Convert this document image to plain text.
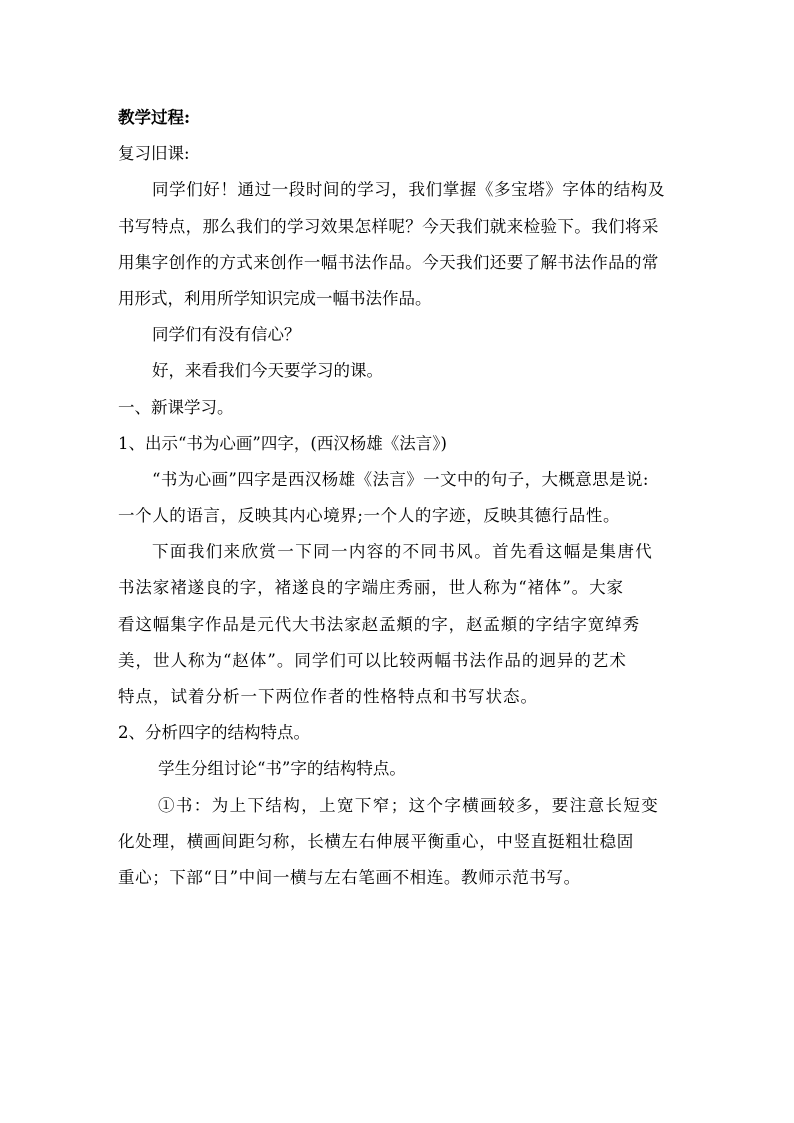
教学过程:
复习旧课:
同学们好！通过一段时间的学习，我们掌握《多宝塔》字体的结构及
书写特点，那么我们的学习效果怎样呢？今天我们就来检验下。我们将采
用集字创作的方式来创作一幅书法作品。今天我们还要了解书法作品的常
用形式，利用所学知识完成一幅书法作品。
同学们有没有信心？
好，来看我们今天要学习的课。
一、新课学习。
1、出示“书为心画”四字，(西汉杨雄《法言》)
“书为心画”四字是西汉杨雄《法言》一文中的句子，大概意思是说:
一个人的语言，反映其内心境界;一个人的字迹，反映其德行品性。
下面我们来欣赏一下同一内容的不同书风。首先看这幅是集唐代
书法家褚遂良的字，褚遂良的字端庄秀丽，世人称为“褚体”。大家
看这幅集字作品是元代大书法家赵孟頫的字，赵孟頫的字结字宽绰秀
美，世人称为“赵体”。同学们可以比较两幅书法作品的迥异的艺术
特点，试着分析一下两位作者的性格特点和书写状态。
2、分析四字的结构特点。
学生分组讨论“书”字的结构特点。
①书：为上下结构，上宽下窄；这个字横画较多，要注意长短变
化处理，横画间距匀称，长横左右伸展平衡重心，中竖直挺粗壮稳固
重心；下部“日”中间一横与左右笔画不相连。教师示范书写。
